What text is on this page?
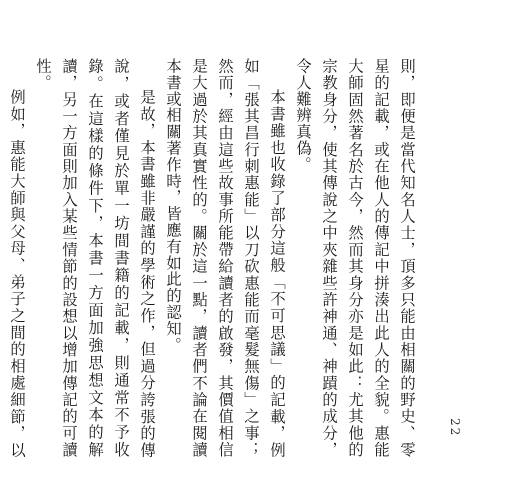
則，即便是當代知名人士，頂多只能由相關的野史、零星的記載，或在他人的傳記中拼湊出此人的全貌。惠能大師固然著名於古今，然而其身分亦是如此：尤其他的宗教身分，使其傳說之中夾雜些許神通、神蹟的成分，令人難辨真偽。

本書雖也收錄了部分這般「不可思議」的記載，例如「張其昌行刺惠能」以刀砍惠能而毫髮無傷」之事；然而，經由這些故事所能帶給讀者的啟發，其價值相信是大過於其真實性的。關於這一點，讀者們不論在閱讀本書或相關著作時，皆應有如此的認知。

是故，本書雖非嚴謹的學術之作，但過分誇張的傳說，或者僅見於單一坊間書籍的記載，則通常不予收錄。在這樣的條件下，本書一方面加強思想文本的解讀，另一方面則加入某些情節的設想以增加傳記的可讀性。

例如，惠能大師與父母、弟子之間的相處細節，以

22
